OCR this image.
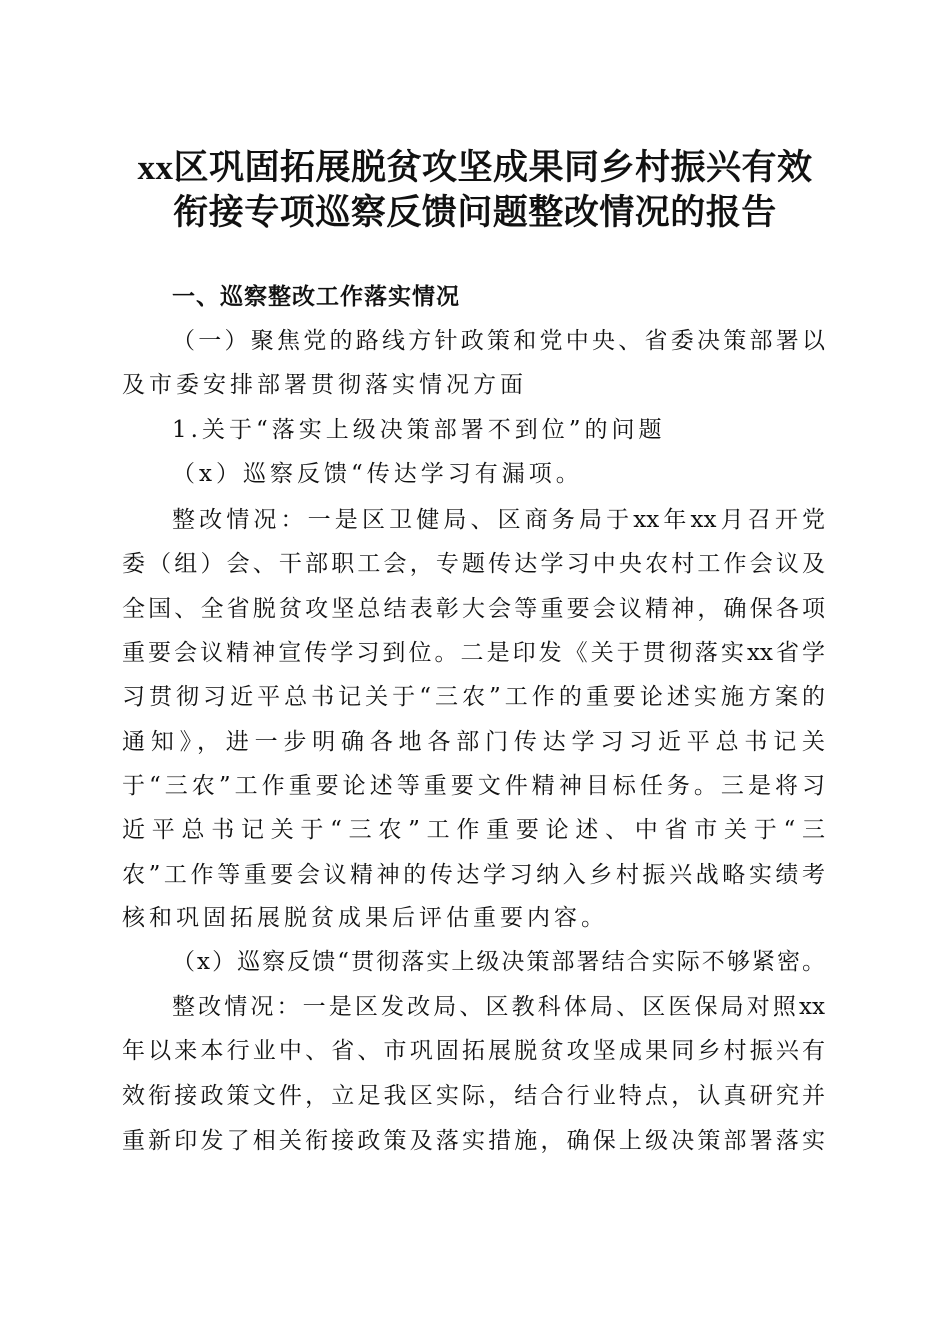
xx区巩固拓展脱贫攻坚成果同乡村振兴有效
衔接专项巡察反馈问题整改情况的报告
一、巡察整改工作落实情况
（一）聚焦党的路线方针政策和党中央、省委决策部署以
及市委安排部署贯彻落实情况方面
1.关于“落实上级决策部署不到位”的问题
（x）巡察反馈“传达学习有漏项。
整改情况：一是区卫健局、区商务局于xx年xx月召开党
委（组）会、干部职工会，专题传达学习中央农村工作会议及
全国、全省脱贫攻坚总结表彰大会等重要会议精神，确保各项
重要会议精神宣传学习到位。二是印发《关于贯彻落实xx省学
习贯彻习近平总书记关于“三农”工作的重要论述实施方案的
通知》，进一步明确各地各部门传达学习习近平总书记关
于“三农”工作重要论述等重要文件精神目标任务。三是将习
近平总书记关于“三农”工作重要论述、中省市关于“三
农”工作等重要会议精神的传达学习纳入乡村振兴战略实绩考
核和巩固拓展脱贫成果后评估重要内容。
（x）巡察反馈“贯彻落实上级决策部署结合实际不够紧密。
整改情况：一是区发改局、区教科体局、区医保局对照xx
年以来本行业中、省、市巩固拓展脱贫攻坚成果同乡村振兴有
效衔接政策文件，立足我区实际，结合行业特点，认真研究并
重新印发了相关衔接政策及落实措施，确保上级决策部署落实
